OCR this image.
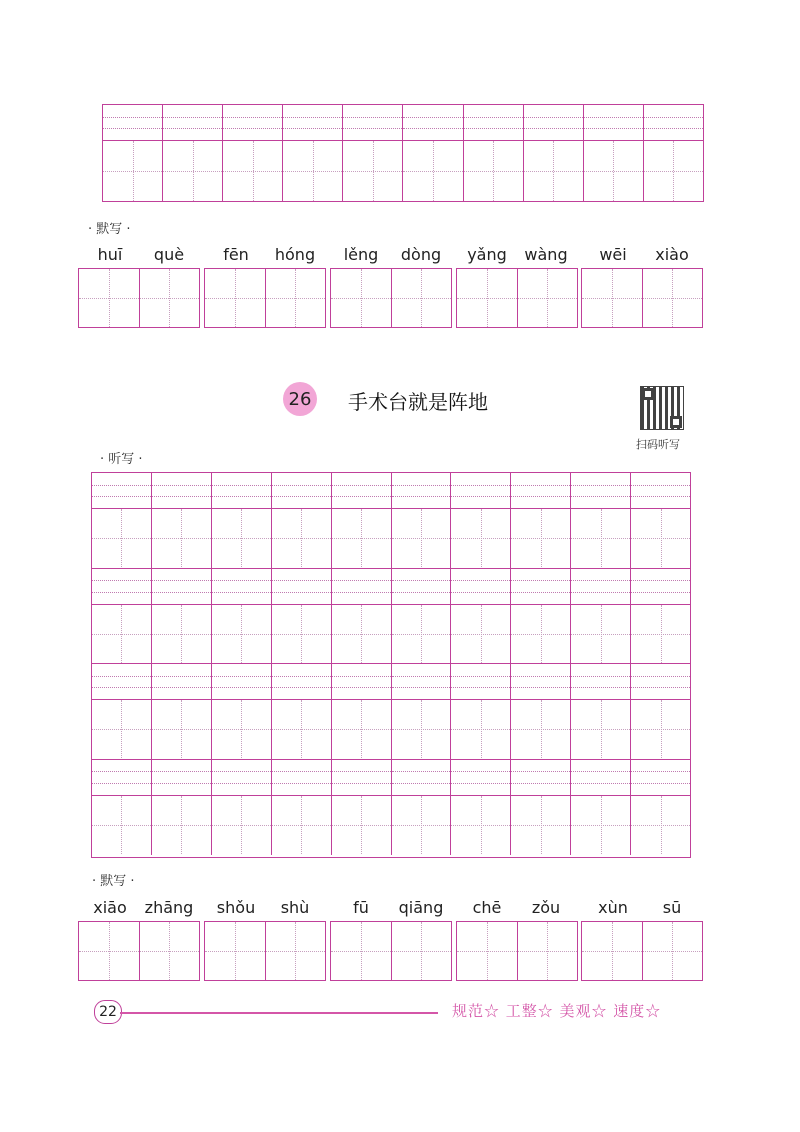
· 默写 ·
huī	què	fēn	hóng	lěng	dòng	yǎng	wàng	wēi	xiào
26 手术台就是阵地
扫码听写
· 听写 ·
· 默写 ·
xiāo	zhāng	shǒu	shù	fū	qiāng	chē	zǒu	xùn	sū
22	规范☆ 工整☆ 美观☆ 速度☆
